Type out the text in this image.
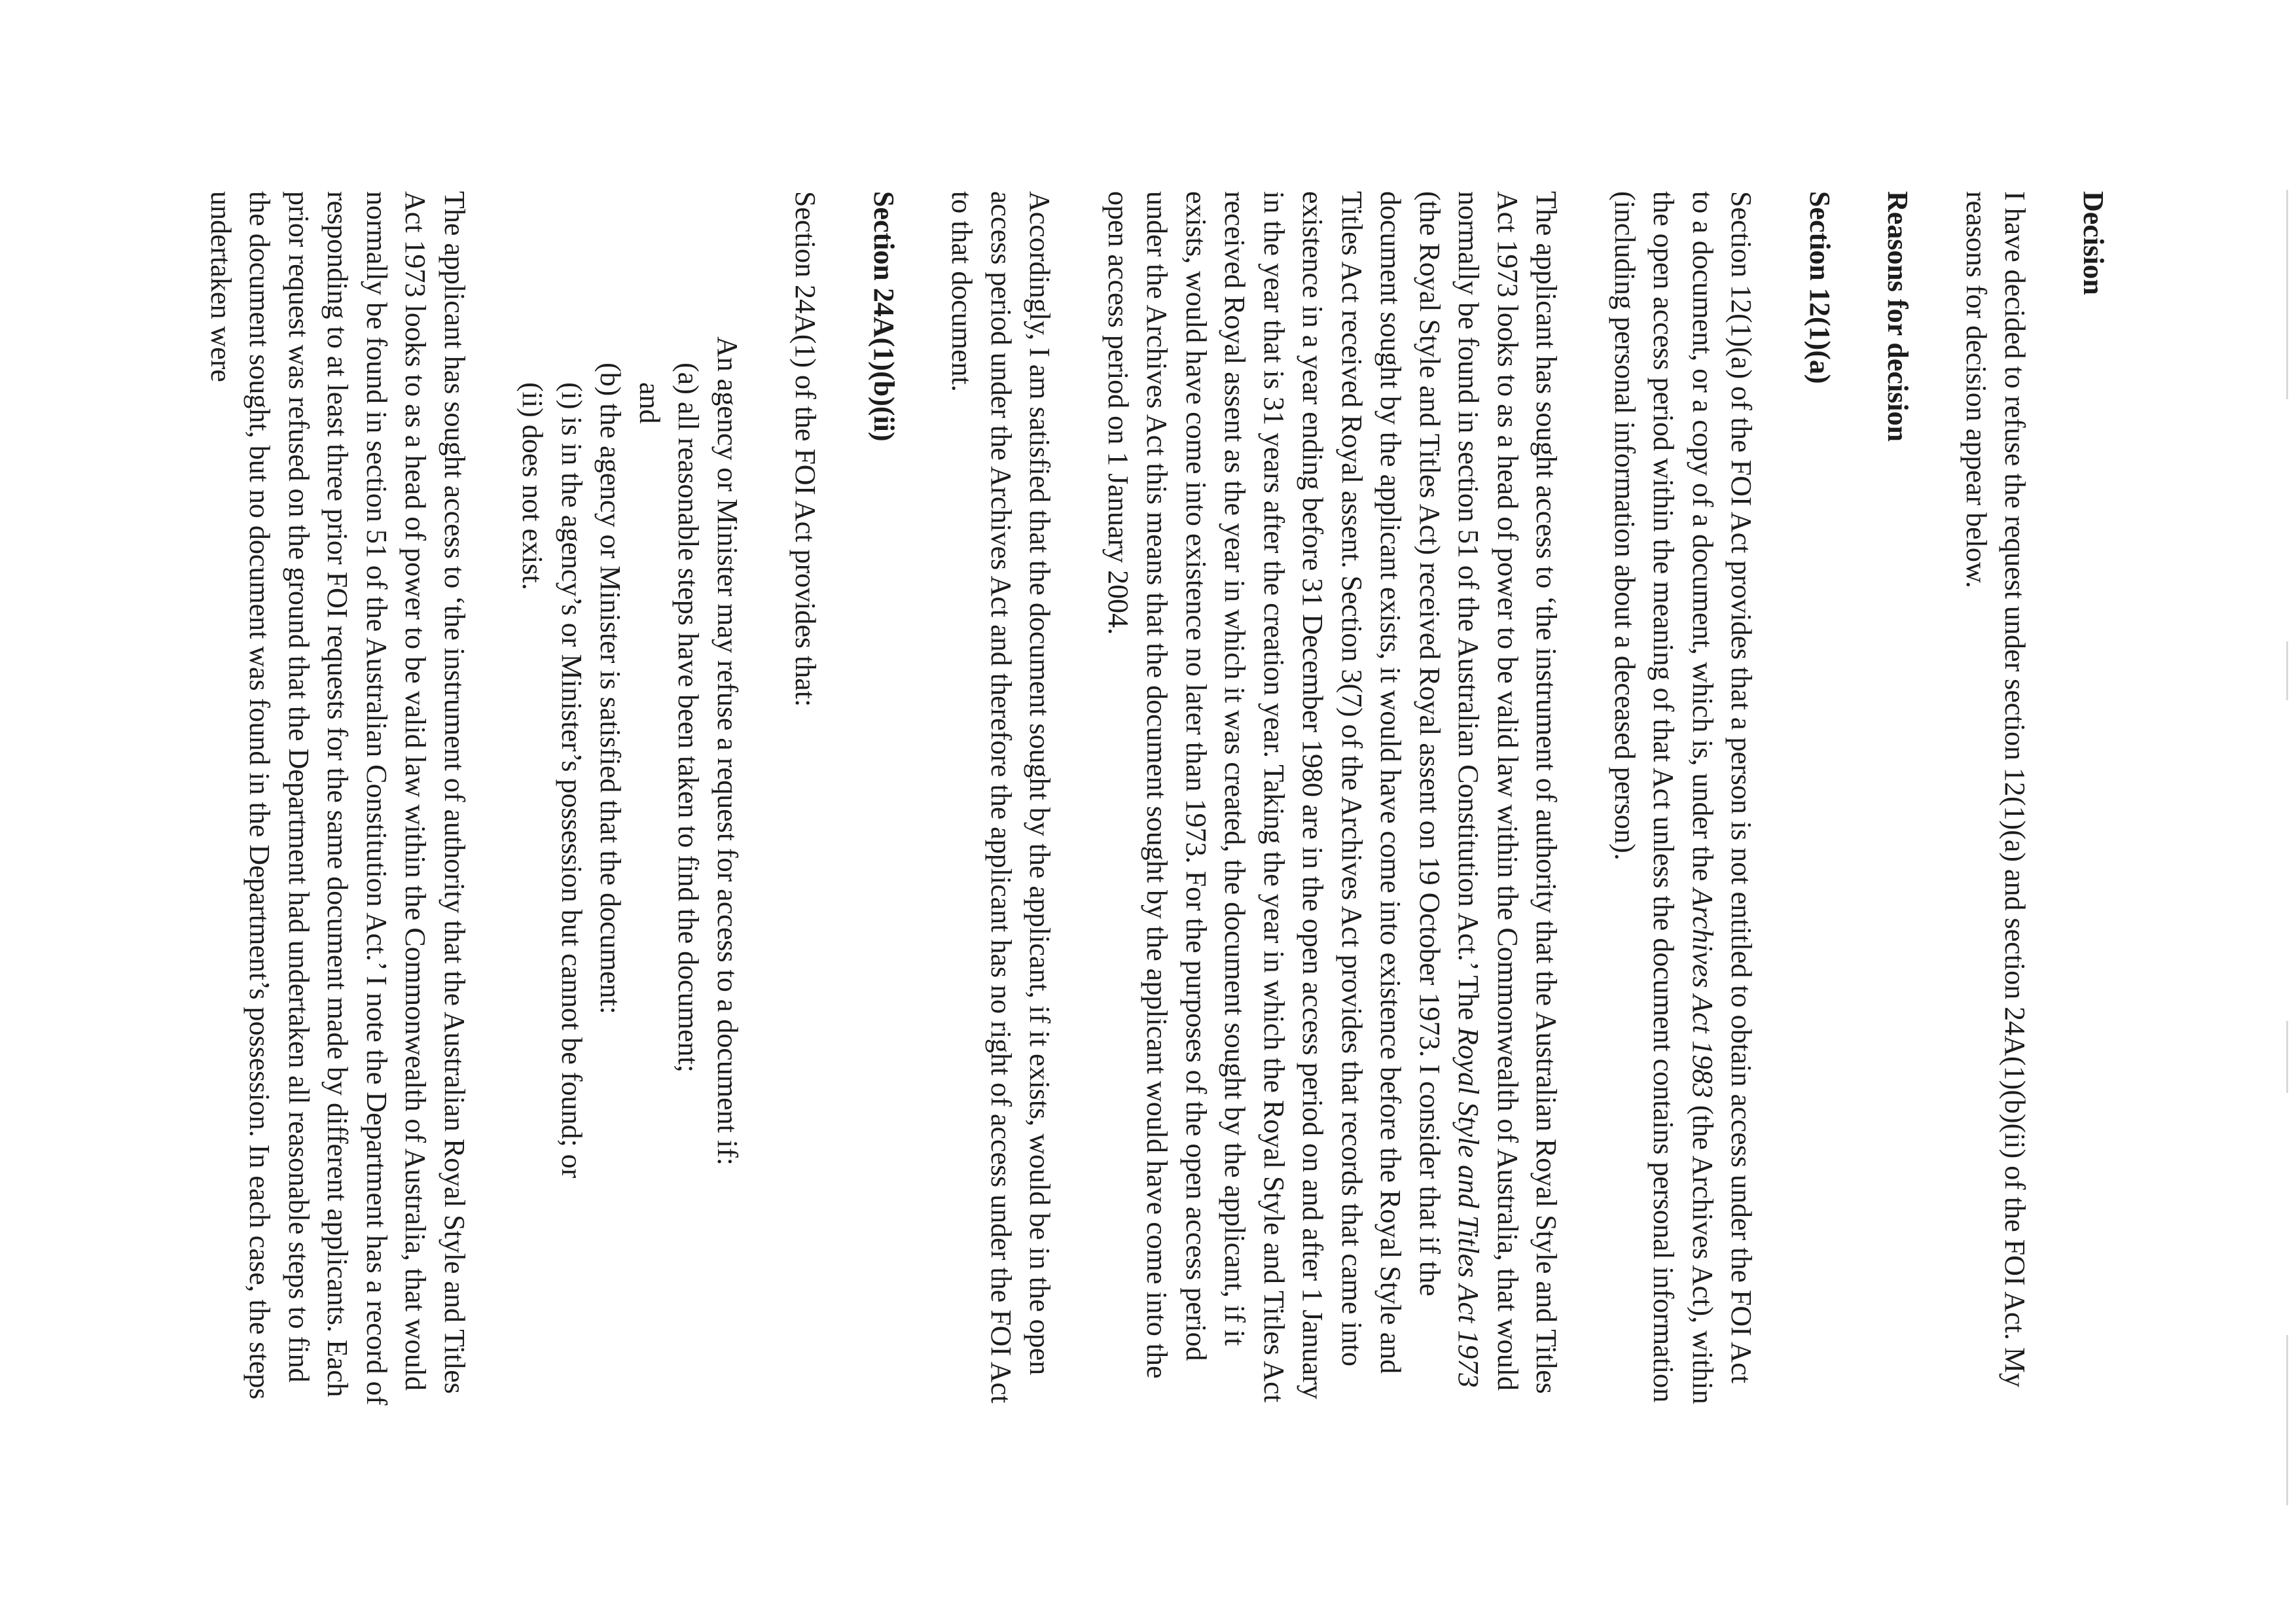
Decision

I have decided to refuse the request under section 12(1)(a) and section 24A(1)(b)(ii) of the FOI Act. My reasons for decision appear below.

Reasons for decision
Section 12(1)(a)

Section 12(1)(a) of the FOI Act provides that a person is not entitled to obtain access under the FOI Act to a document, or a copy of a document, which is, under the Archives Act 1983 (the Archives Act), within the open access period within the meaning of that Act unless the document contains personal information (including personal information about a deceased person).

The applicant has sought access to ‘the instrument of authority that the Australian Royal Style and Titles Act 1973 looks to as a head of power to be valid law within the Commonwealth of Australia, that would normally be found in section 51 of the Australian Constitution Act.’ The Royal Style and Titles Act 1973 (the Royal Style and Titles Act) received Royal assent on 19 October 1973. I consider that if the document sought by the applicant exists, it would have come into existence before the Royal Style and Titles Act received Royal assent. Section 3(7) of the Archives Act provides that records that came into existence in a year ending before 31 December 1980 are in the open access period on and after 1 January in the year that is 31 years after the creation year. Taking the year in which the Royal Style and Titles Act received Royal assent as the year in which it was created, the document sought by the applicant, if it exists, would have come into existence no later than 1973. For the purposes of the open access period under the Archives Act this means that the document sought by the applicant would have come into the open access period on 1 January 2004.

Accordingly, I am satisfied that the document sought by the applicant, if it exists, would be in the open access period under the Archives Act and therefore the applicant has no right of access under the FOI Act to that document.

Section 24A(1)(b)(ii)

Section 24A(1) of the FOI Act provides that:

An agency or Minister may refuse a request for access to a document if:
(a) all reasonable steps have been taken to find the document;
and
(b) the agency or Minister is satisfied that the document:
(i) is in the agency’s or Minister’s possession but cannot be found; or
(ii) does not exist.

The applicant has sought access to ‘the instrument of authority that the Australian Royal Style and Titles Act 1973 looks to as a head of power to be valid law within the Commonwealth of Australia, that would normally be found in section 51 of the Australian Constitution Act.’ I note the Department has a record of responding to at least three prior FOI requests for the same document made by different applicants. Each prior request was refused on the ground that the Department had undertaken all reasonable steps to find the document sought, but no document was found in the Department’s possession. In each case, the steps undertaken were
